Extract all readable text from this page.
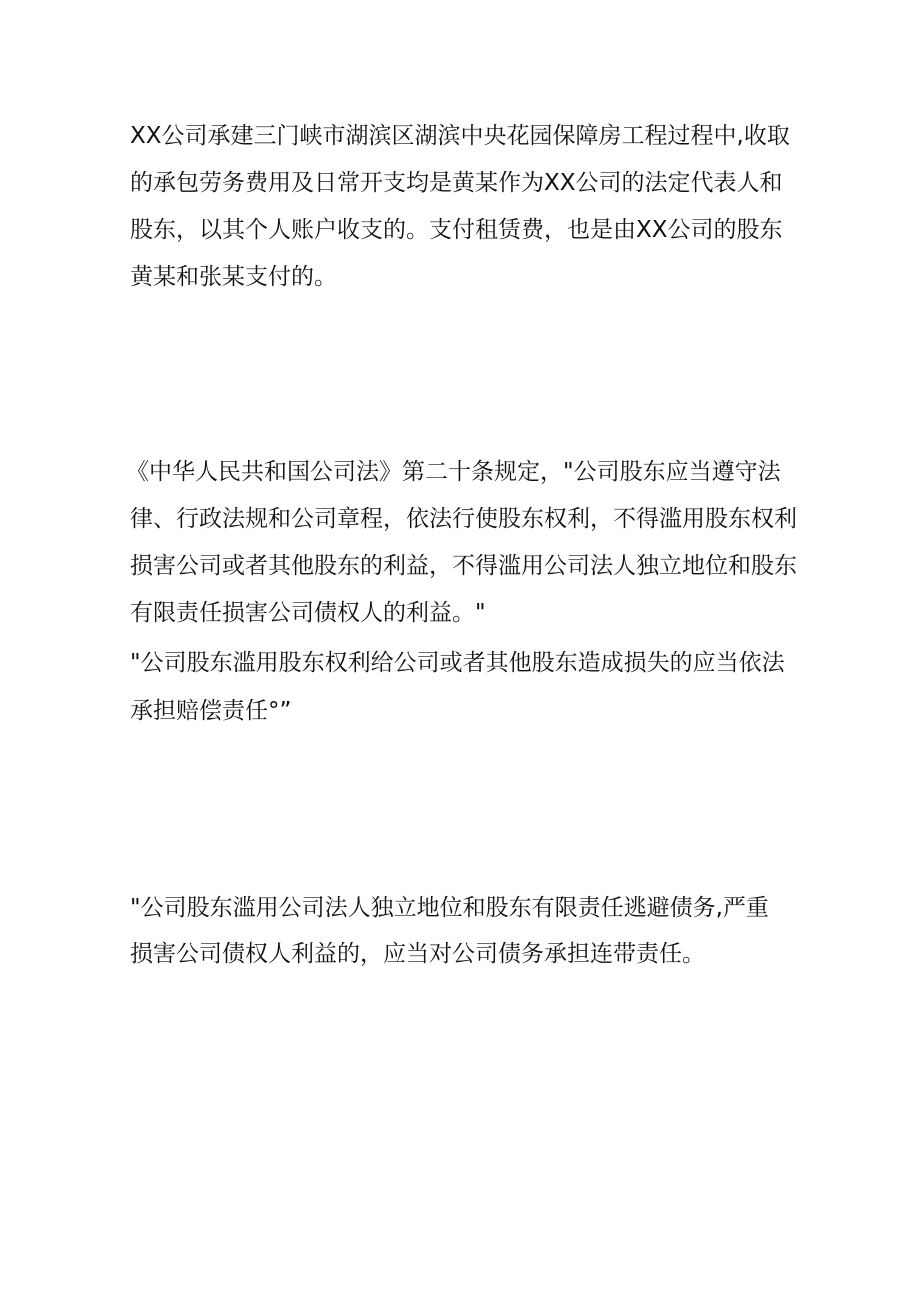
XX公司承建三门峡市湖滨区湖滨中央花园保障房工程过程中,收取
的承包劳务费用及日常开支均是黄某作为XX公司的法定代表人和
股东，以其个人账户收支的。支付租赁费，也是由XX公司的股东
黄某和张某支付的。
《中华人民共和国公司法》第二十条规定，"公司股东应当遵守法
律、行政法规和公司章程，依法行使股东权利，不得滥用股东权利
损害公司或者其他股东的利益，不得滥用公司法人独立地位和股东
有限责任损害公司债权人的利益。"
"公司股东滥用股东权利给公司或者其他股东造成损失的应当依法
承担赔偿责任°”
"公司股东滥用公司法人独立地位和股东有限责任逃避债务,严重
损害公司债权人利益的，应当对公司债务承担连带责任。
